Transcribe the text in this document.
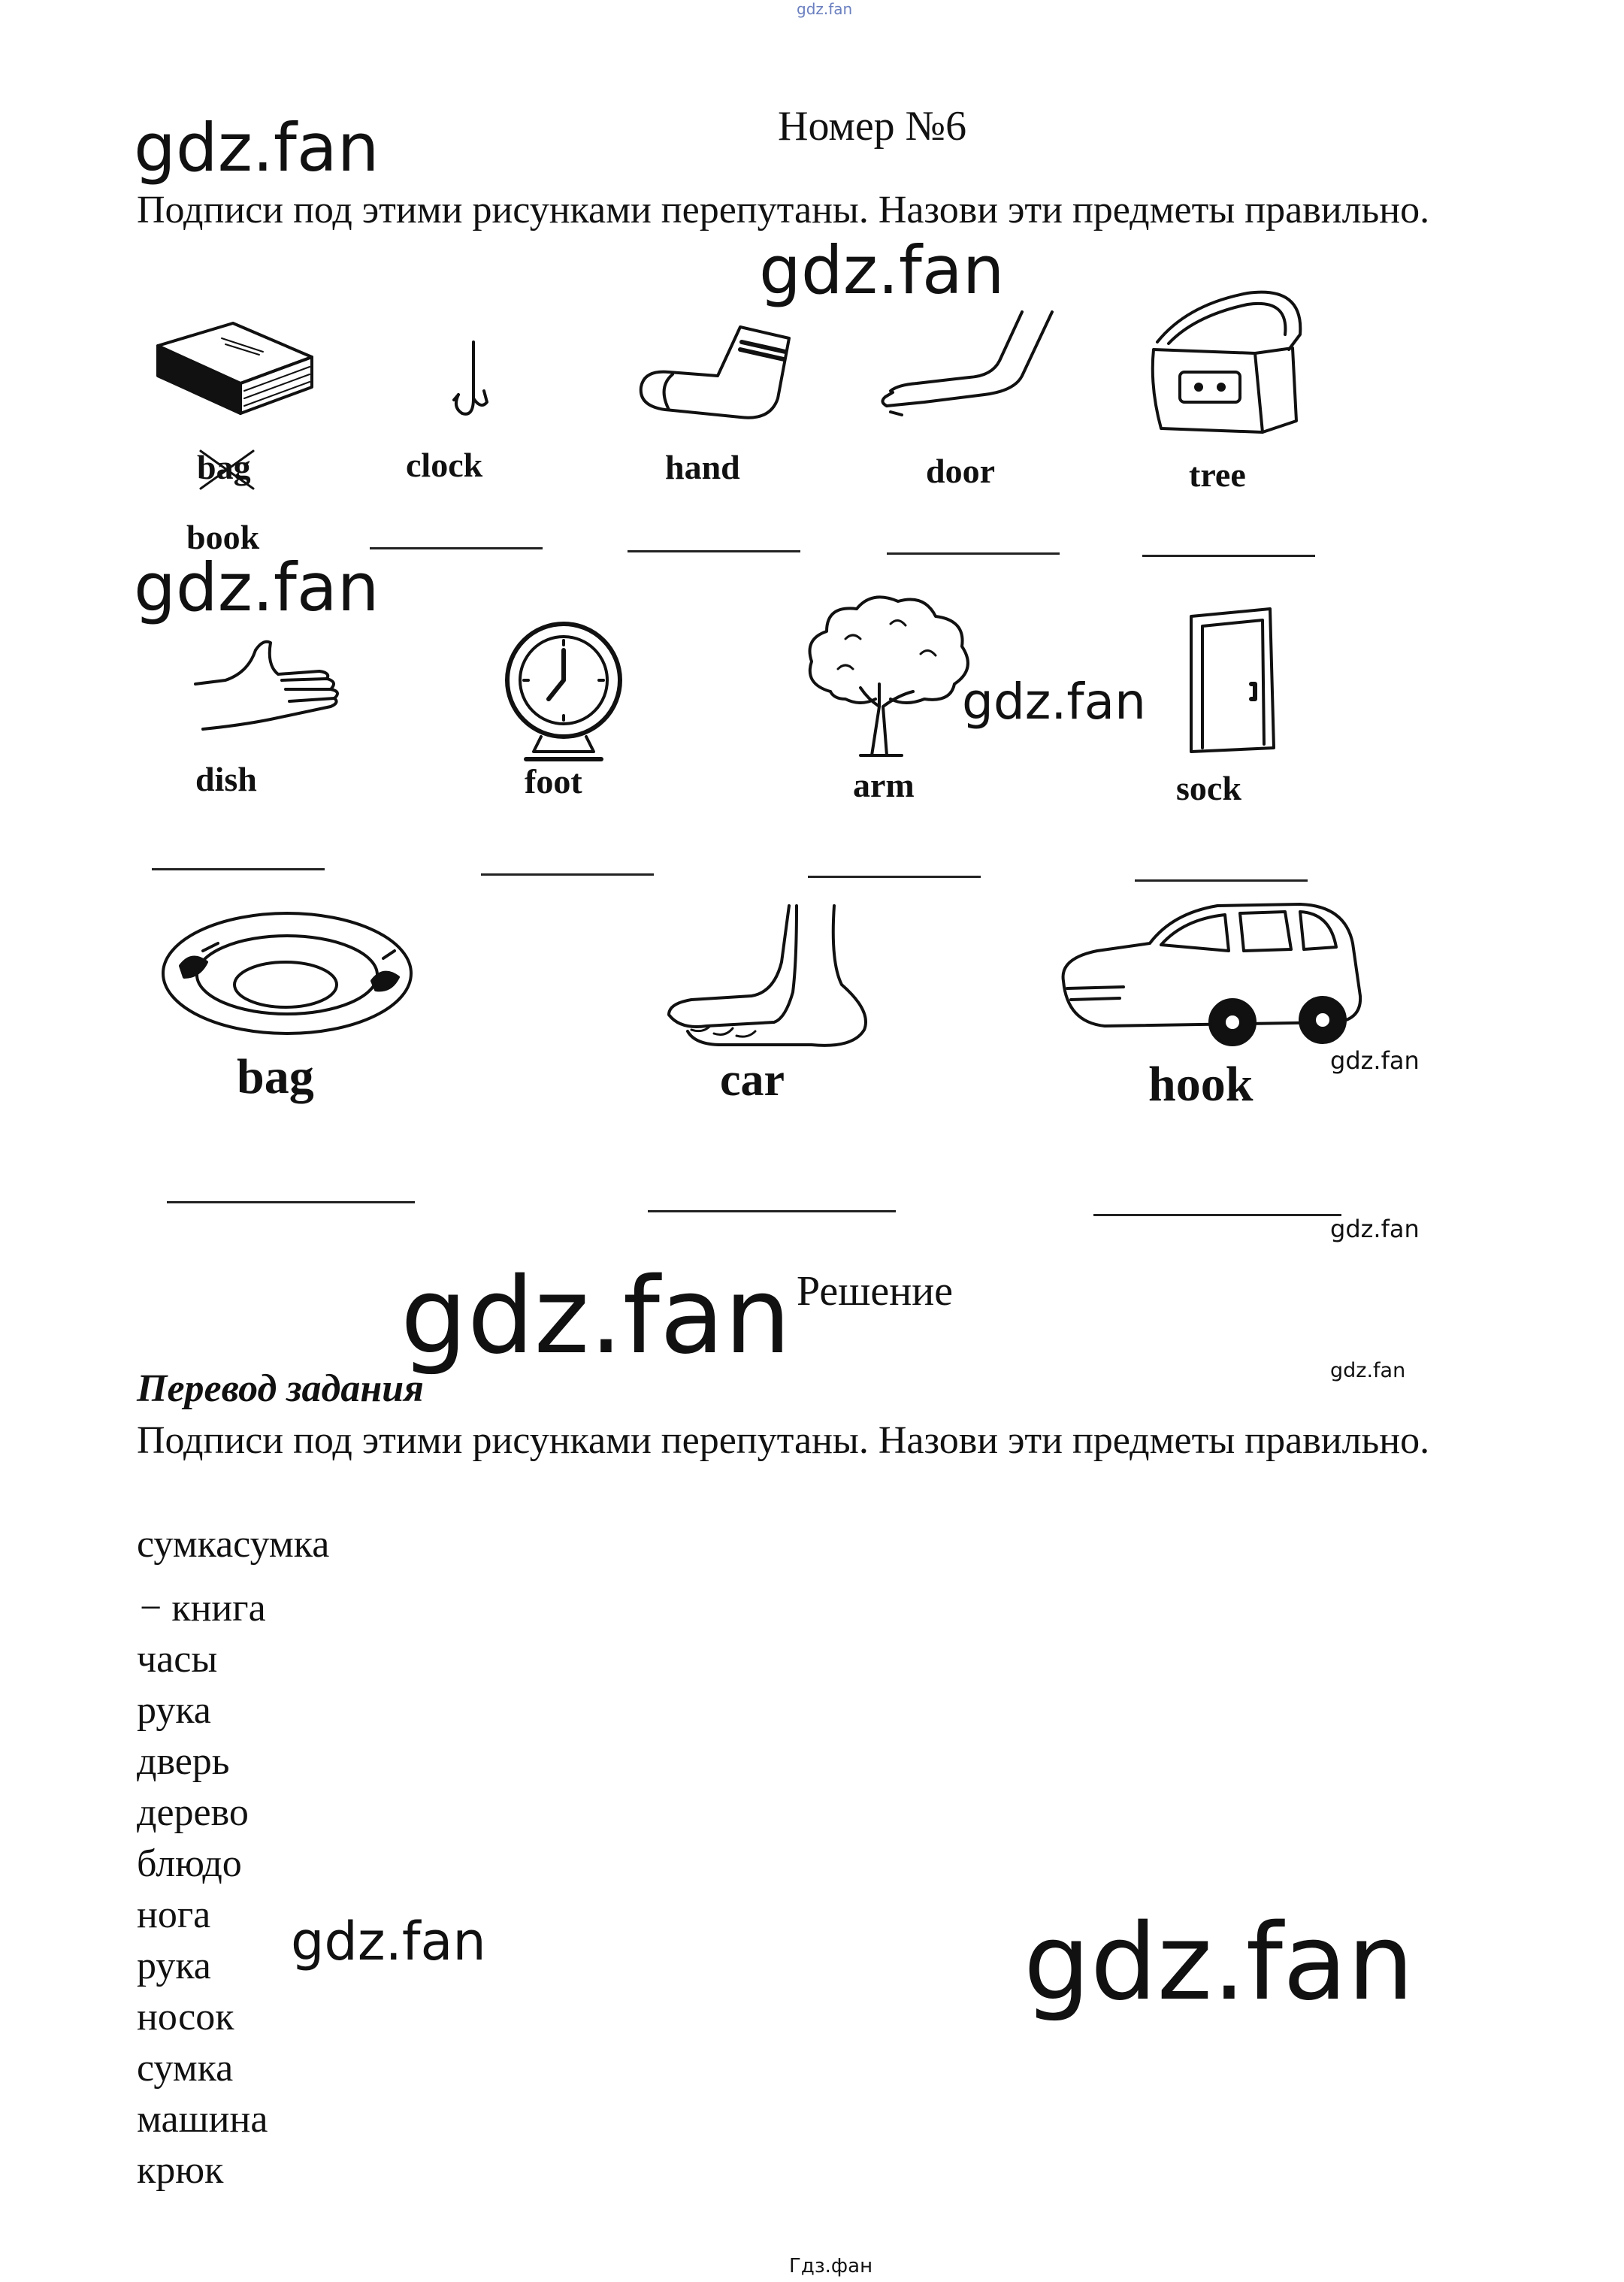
gdz.fan
gdz.fan
gdz.fan
gdz.fan
gdz.fan
gdz.fan
gdz.fan
gdz.fan	gdz.fan
gdz.fan	gdz.fan
Гдз.фан
Номер №6
Подписи под этими рисунками перепутаны. Назови эти предметы правильно.
bag	clock	hand	door	tree
book
dish	foot	arm	sock
bag	car	hook
Решение
Перевод задания
Подписи под этими рисунками перепутаны. Назови эти предметы правильно.
сумкасумка
− книга
часы
рука
дверь
дерево
блюдо
нога
рука
носок
сумка
машина
крюк
